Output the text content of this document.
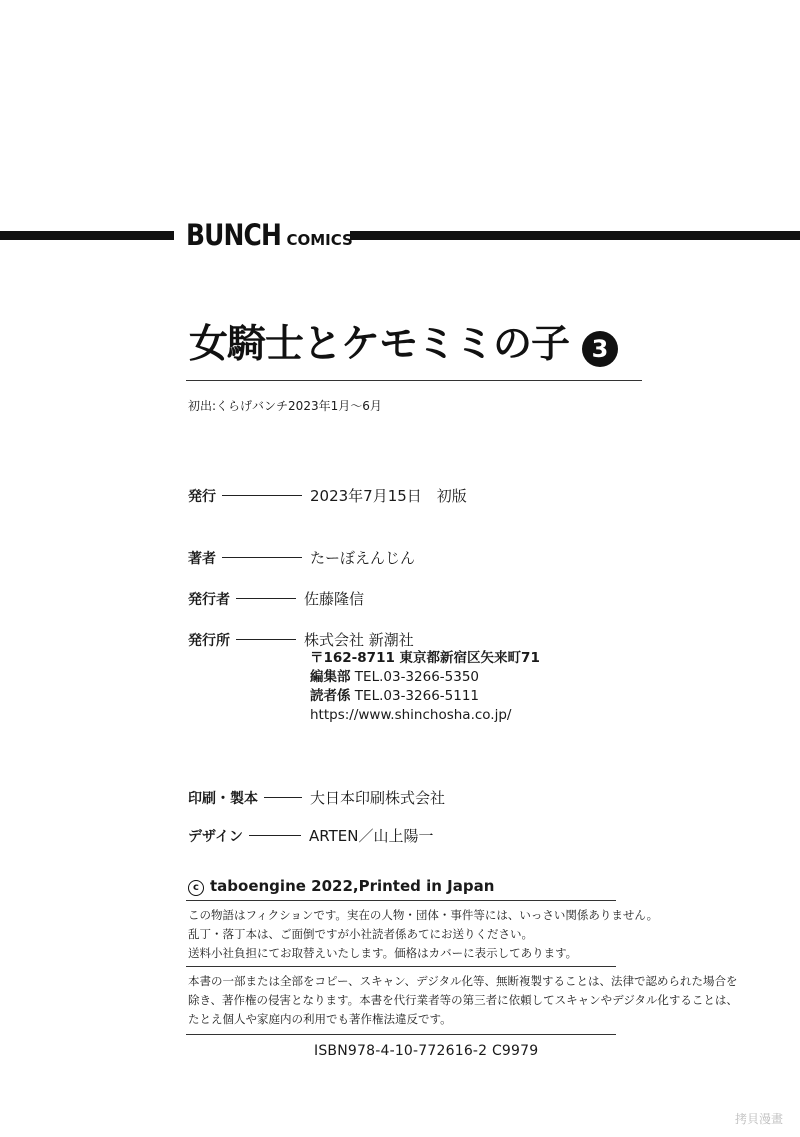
BUNCH COMICS
女騎士とケモミミの子 3
初出:くらげバンチ2023年1月〜6月
発行	2023年7月15日　初版
著者	たーぼえんじん
発行者	佐藤隆信
発行所	株式会社 新潮社
〒162-8711 東京都新宿区矢来町71
編集部 TEL.03-3266-5350
読者係 TEL.03-3266-5111
https://www.shinchosha.co.jp/
印刷・製本	大日本印刷株式会社
デザイン	ARTEN／山上陽一
c taboengine 2022,Printed in Japan
この物語はフィクションです。実在の人物・団体・事件等には、いっさい関係ありません。
乱丁・落丁本は、ご面倒ですが小社読者係あてにお送りください。
送料小社負担にてお取替えいたします。価格はカバーに表示してあります。
本書の一部または全部をコピー、スキャン、デジタル化等、無断複製することは、法律で認められた場合を
除き、著作権の侵害となります。本書を代行業者等の第三者に依頼してスキャンやデジタル化することは、
たとえ個人や家庭内の利用でも著作権法違反です。
ISBN978-4-10-772616-2 C9979
拷貝漫畫
